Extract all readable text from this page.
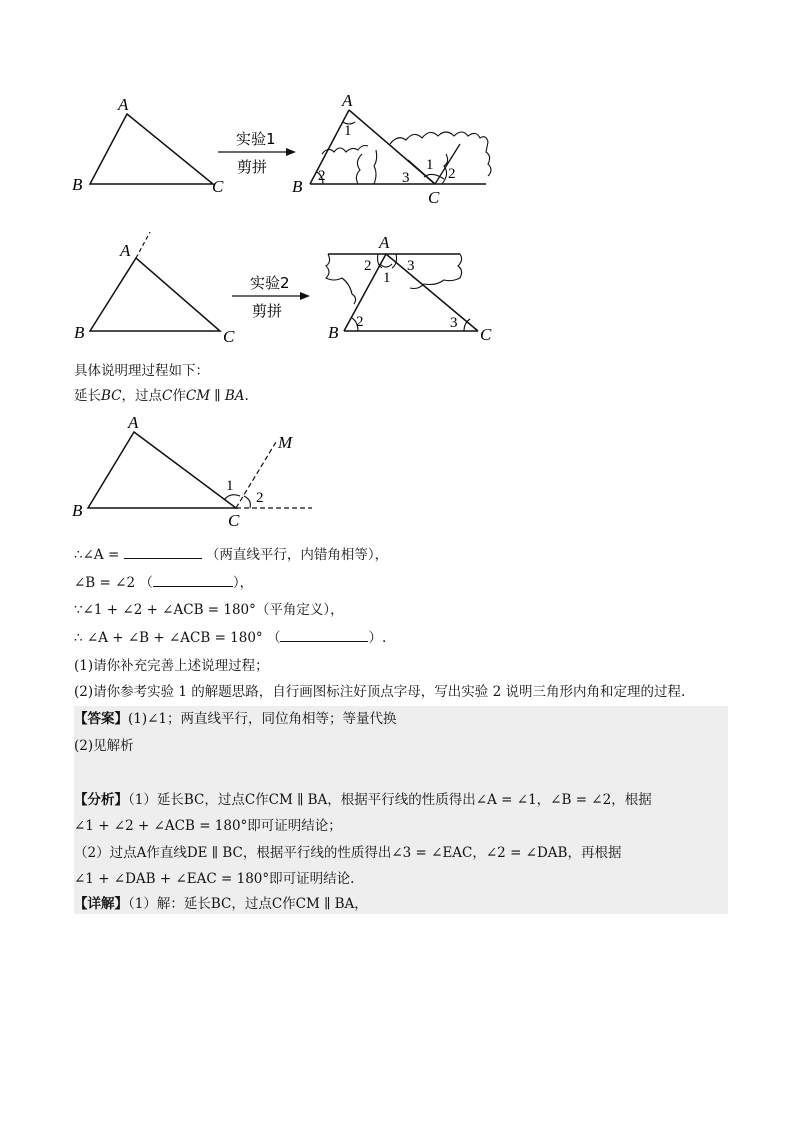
A
B	C
实验1
剪拼
A
B
C
1
2	3
1
2
A
B	C
实验2
剪拼
A
B	C
2
1
3
2	3
具体说明理过程如下：
延长BC，过点C作CM ∥ BA.
A
B
C
M
1
2
∴∠A =	（两直线平行，内错角相等），
∠B = ∠2 （	），
∵∠1 + ∠2 + ∠ACB = 180°（平角定义），
∴ ∠A + ∠B + ∠ACB = 180° （	）.
(1)请你补充完善上述说理过程；
(2)请你参考实验 1 的解题思路，自行画图标注好顶点字母，写出实验 2 说明三角形内角和定理的过程.
【答案】(1)∠1；两直线平行，同位角相等；等量代换
(2)见解析
【分析】（1）延长BC，过点C作CM ∥ BA，根据平行线的性质得出∠A = ∠1，∠B = ∠2，根据
∠1 + ∠2 + ∠ACB = 180°即可证明结论；
（2）过点A作直线DE ∥ BC，根据平行线的性质得出∠3 = ∠EAC，∠2 = ∠DAB，再根据
∠1 + ∠DAB + ∠EAC = 180°即可证明结论.
【详解】（1）解：延长BC，过点C作CM ∥ BA，
